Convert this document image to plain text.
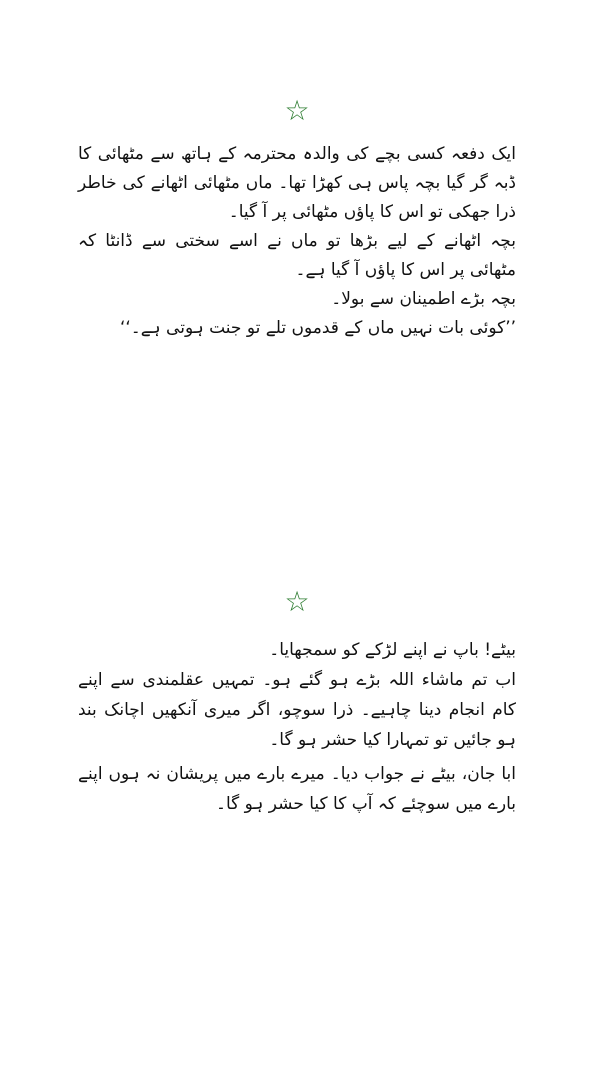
☆

ایک دفعہ کسی بچے کی والدہ محترمہ کے ہاتھ سے مٹھائی کا ڈبہ گر گیا بچہ پاس ہی کھڑا تھا۔ ماں مٹھائی اٹھانے کی خاطر ذرا جھکی تو اس کا پاؤں مٹھائی پر آ گیا۔

بچہ اٹھانے کے لیے بڑھا تو ماں نے اسے سختی سے ڈانٹا کہ مٹھائی پر اس کا پاؤں آ گیا ہے۔

بچہ بڑے اطمینان سے بولا۔

’’کوئی بات نہیں ماں کے قدموں تلے تو جنت ہوتی ہے۔‘‘

☆

بیٹے! باپ نے اپنے لڑکے کو سمجھایا۔

اب تم ماشاء اللہ بڑے ہو گئے ہو۔ تمہیں عقلمندی سے اپنے کام انجام دینا چاہیے۔ ذرا سوچو، اگر میری آنکھیں اچانک بند ہو جائیں تو تمہارا کیا حشر ہو گا۔

ابا جان، بیٹے نے جواب دیا۔ میرے بارے میں پریشان نہ ہوں اپنے بارے میں سوچئے کہ آپ کا کیا حشر ہو گا۔
